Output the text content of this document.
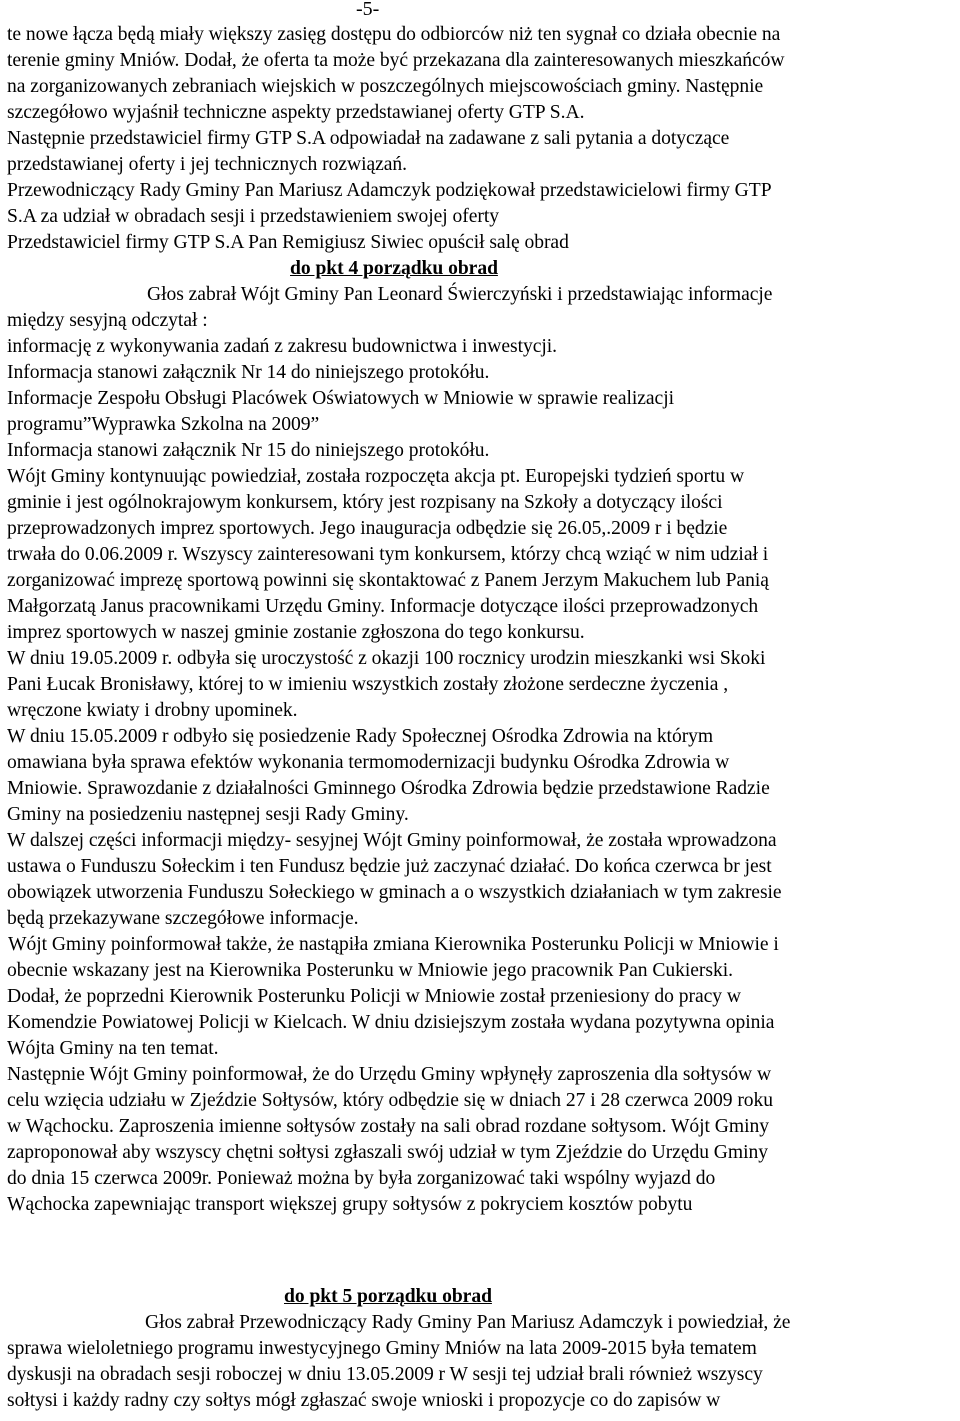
-5-
te nowe łącza będą miały większy zasięg dostępu do odbiorców niż ten sygnał co działa obecnie na
terenie gminy Mniów. Dodał, że oferta ta może być przekazana dla zainteresowanych mieszkańców
na zorganizowanych zebraniach wiejskich w poszczególnych miejscowościach gminy. Następnie
szczegółowo wyjaśnił techniczne aspekty przedstawianej oferty GTP S.A.
Następnie przedstawiciel firmy GTP S.A odpowiadał na zadawane z sali pytania a dotyczące
przedstawianej oferty i jej technicznych rozwiązań.
Przewodniczący Rady Gminy Pan Mariusz Adamczyk podziękował przedstawicielowi firmy GTP
S.A za udział w obradach sesji i przedstawieniem swojej oferty
Przedstawiciel firmy GTP S.A Pan Remigiusz Siwiec opuścił salę obrad
do pkt 4 porządku obrad
Głos zabrał Wójt Gminy Pan Leonard Świerczyński i przedstawiając informacje
między sesyjną odczytał :
informację z wykonywania zadań z zakresu budownictwa i inwestycji.
Informacja stanowi załącznik Nr 14 do niniejszego protokółu.
Informacje Zespołu Obsługi Placówek Oświatowych w Mniowie w sprawie realizacji
programu”Wyprawka Szkolna na 2009”
Informacja stanowi załącznik Nr 15 do niniejszego protokółu.
Wójt Gminy kontynuując powiedział, została rozpoczęta akcja pt. Europejski tydzień sportu w
gminie i jest ogólnokrajowym konkursem, który jest rozpisany na Szkoły a dotyczący ilości
przeprowadzonych imprez sportowych. Jego inauguracja odbędzie się 26.05,.2009 r i będzie
trwała do 0.06.2009 r. Wszyscy zainteresowani tym konkursem, którzy chcą wziąć w nim udział i
zorganizować imprezę sportową powinni się skontaktować z Panem Jerzym Makuchem lub Panią
Małgorzatą Janus pracownikami Urzędu Gminy. Informacje dotyczące ilości przeprowadzonych
imprez sportowych w naszej gminie zostanie zgłoszona do tego konkursu.
W dniu 19.05.2009 r. odbyła się uroczystość z okazji 100 rocznicy urodzin mieszkanki wsi Skoki
Pani Łucak Bronisławy, której to w imieniu wszystkich zostały złożone serdeczne życzenia ,
wręczone kwiaty i drobny upominek.
W dniu 15.05.2009 r odbyło się posiedzenie Rady Społecznej Ośrodka Zdrowia na którym
omawiana była sprawa efektów wykonania termomodernizacji budynku Ośrodka Zdrowia w
Mniowie. Sprawozdanie z działalności Gminnego Ośrodka Zdrowia będzie przedstawione Radzie
Gminy na posiedzeniu następnej sesji Rady Gminy.
W dalszej części informacji między- sesyjnej Wójt Gminy poinformował, że została wprowadzona
ustawa o Funduszu Sołeckim i ten Fundusz będzie już zaczynać działać. Do końca czerwca br jest
obowiązek utworzenia Funduszu Sołeckiego w gminach a o wszystkich działaniach w tym zakresie
będą przekazywane szczegółowe informacje.
Wójt Gminy poinformował także, że nastąpiła zmiana Kierownika Posterunku Policji w Mniowie i
obecnie wskazany jest na Kierownika Posterunku w Mniowie jego pracownik Pan Cukierski.
Dodał, że poprzedni Kierownik Posterunku Policji w Mniowie został przeniesiony do pracy w
Komendzie Powiatowej Policji w Kielcach. W dniu dzisiejszym została wydana pozytywna opinia
Wójta Gminy na ten temat.
Następnie Wójt Gminy poinformował, że do Urzędu Gminy wpłynęły zaproszenia dla sołtysów w
celu wzięcia udziału w Zjeździe Sołtysów, który odbędzie się w dniach 27 i 28 czerwca 2009 roku
w Wąchocku. Zaproszenia imienne sołtysów zostały na sali obrad rozdane sołtysom. Wójt Gminy
zaproponował aby wszyscy chętni sołtysi zgłaszali swój udział w tym Zjeździe do Urzędu Gminy
do dnia 15 czerwca 2009r. Ponieważ można by była zorganizować taki wspólny wyjazd do
Wąchocka zapewniając transport większej grupy sołtysów z pokryciem kosztów pobytu
do pkt 5 porządku obrad
Głos zabrał Przewodniczący Rady Gminy Pan Mariusz Adamczyk i powiedział, że
sprawa wieloletniego programu inwestycyjnego Gminy Mniów na lata 2009-2015 była tematem
dyskusji na obradach sesji roboczej w dniu 13.05.2009 r W sesji tej udział brali również wszyscy
sołtysi i każdy radny czy sołtys mógł zgłaszać swoje wnioski i propozycje co do zapisów w
